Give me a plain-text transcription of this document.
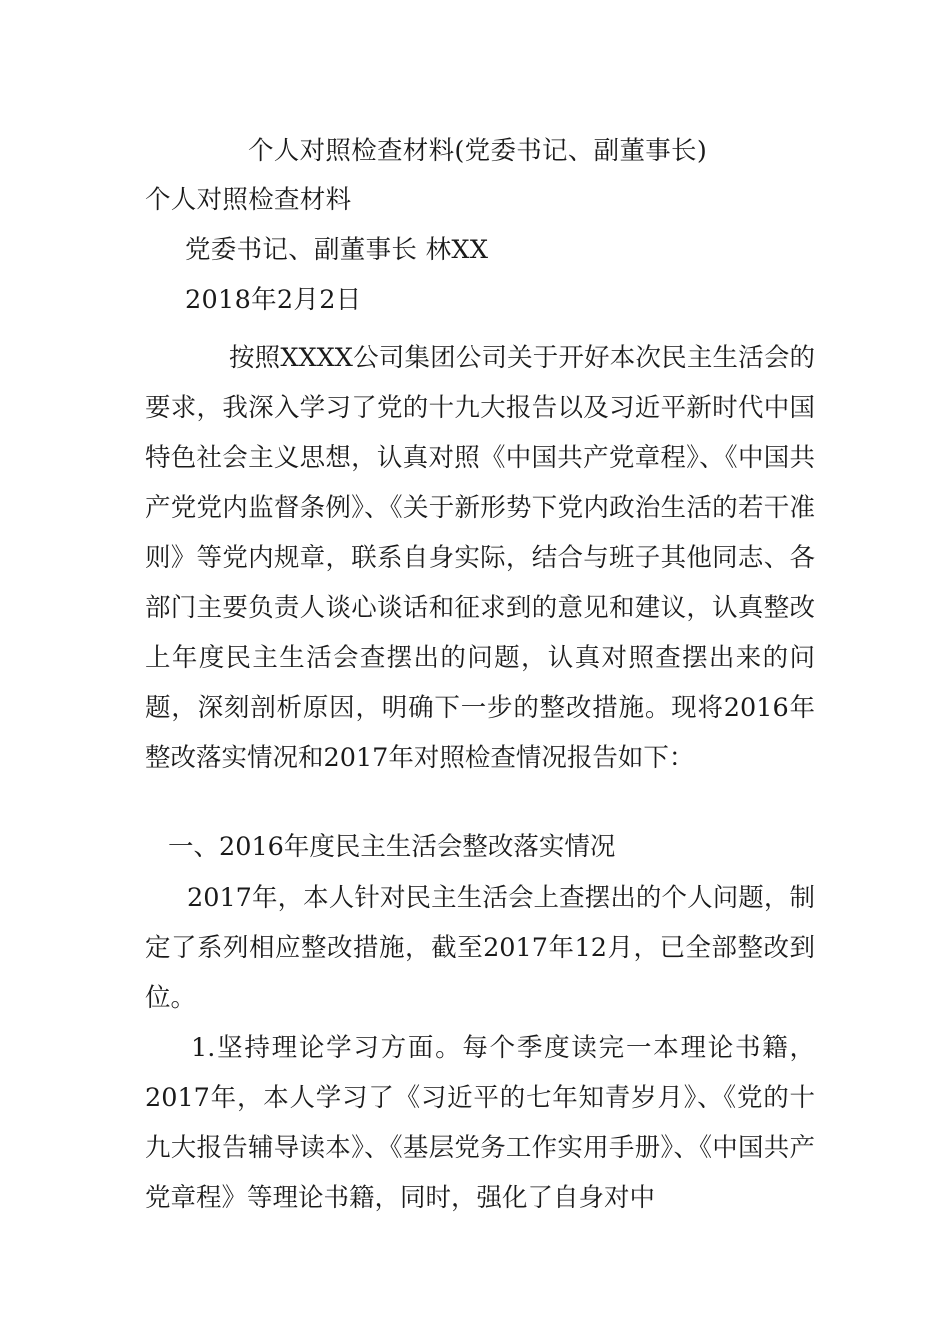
个人对照检查材料(党委书记、副董事长)
个人对照检查材料
党委书记、副董事长 林XX
2018年2月2日
按照XXXX公司集团公司关于开好本次民主生活会的要求，我深入学习了党的十九大报告以及习近平新时代中国特色社会主义思想，认真对照《中国共产党章程》、《中国共产党党内监督条例》、《关于新形势下党内政治生活的若干准则》等党内规章，联系自身实际，结合与班子其他同志、各部门主要负责人谈心谈话和征求到的意见和建议，认真整改上年度民主生活会查摆出的问题，认真对照查摆出来的问题，深刻剖析原因，明确下一步的整改措施。现将2016年整改落实情况和2017年对照检查情况报告如下：
一、2016年度民主生活会整改落实情况
2017年，本人针对民主生活会上查摆出的个人问题，制定了系列相应整改措施，截至2017年12月，已全部整改到位。
1.坚持理论学习方面。每个季度读完一本理论书籍，2017年，本人学习了《习近平的七年知青岁月》、《党的十九大报告辅导读本》、《基层党务工作实用手册》、《中国共产党章程》等理论书籍，同时，强化了自身对中
